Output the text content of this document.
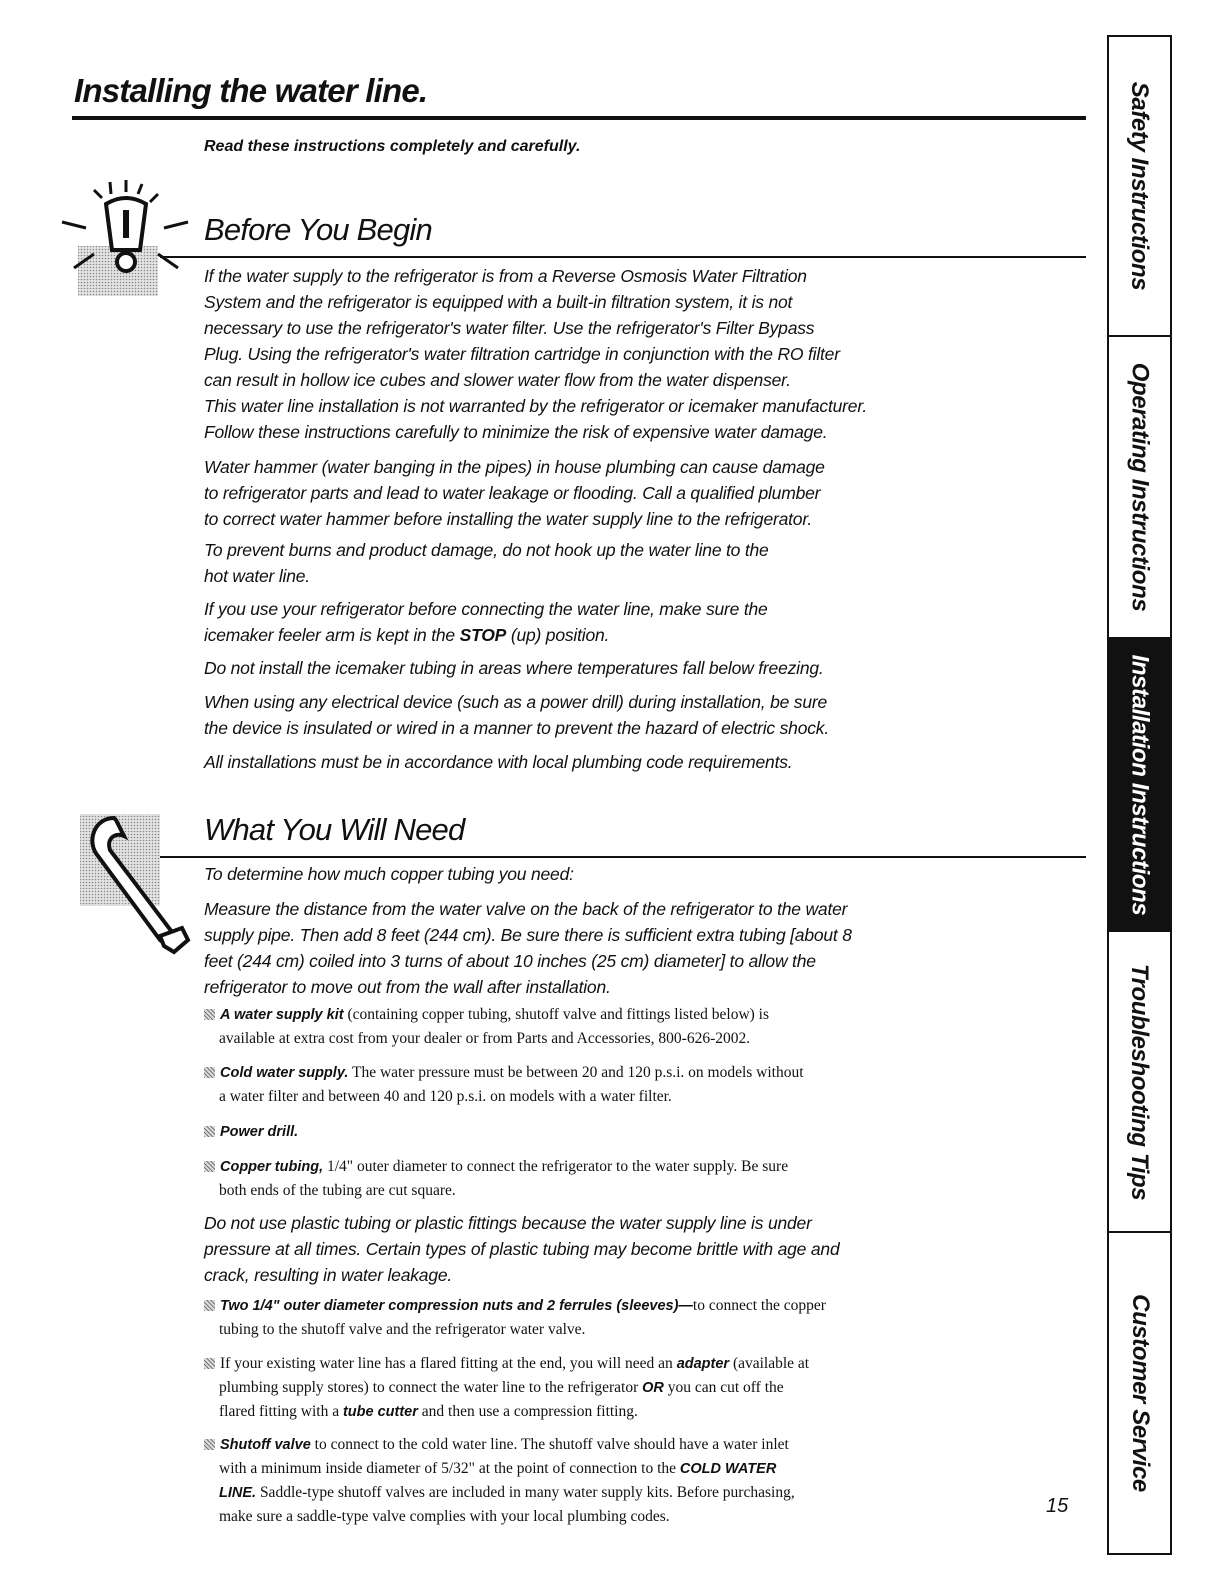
Installing the water line.

Read these instructions completely and carefully.

Before You Begin

If the water supply to the refrigerator is from a Reverse Osmosis Water Filtration
System and the refrigerator is equipped with a built-in filtration system, it is not
necessary to use the refrigerator's water filter. Use the refrigerator's Filter Bypass
Plug. Using the refrigerator's water filtration cartridge in conjunction with the RO filter
can result in hollow ice cubes and slower water flow from the water dispenser.

This water line installation is not warranted by the refrigerator or icemaker manufacturer.
Follow these instructions carefully to minimize the risk of expensive water damage.

Water hammer (water banging in the pipes) in house plumbing can cause damage
to refrigerator parts and lead to water leakage or flooding. Call a qualified plumber
to correct water hammer before installing the water supply line to the refrigerator.

To prevent burns and product damage, do not hook up the water line to the
hot water line.

If you use your refrigerator before connecting the water line, make sure the
icemaker feeler arm is kept in the STOP (up) position.

Do not install the icemaker tubing in areas where temperatures fall below freezing.

When using any electrical device (such as a power drill) during installation, be sure
the device is insulated or wired in a manner to prevent the hazard of electric shock.

All installations must be in accordance with local plumbing code requirements.

What You Will Need

To determine how much copper tubing you need:

Measure the distance from the water valve on the back of the refrigerator to the water
supply pipe. Then add 8 feet (244 cm). Be sure there is sufficient extra tubing [about 8
feet (244 cm) coiled into 3 turns of about 10 inches (25 cm) diameter] to allow the
refrigerator to move out from the wall after installation.

A water supply kit (containing copper tubing, shutoff valve and fittings listed below) is
available at extra cost from your dealer or from Parts and Accessories, 800-626-2002.
Cold water supply. The water pressure must be between 20 and 120 p.s.i. on models without
a water filter and between 40 and 120 p.s.i. on models with a water filter.
Power drill.
Copper tubing, 1/4" outer diameter to connect the refrigerator to the water supply. Be sure
both ends of the tubing are cut square.

Do not use plastic tubing or plastic fittings because the water supply line is under
pressure at all times. Certain types of plastic tubing may become brittle with age and
crack, resulting in water leakage.

Two 1/4" outer diameter compression nuts and 2 ferrules (sleeves)—to connect the copper
tubing to the shutoff valve and the refrigerator water valve.
If your existing water line has a flared fitting at the end, you will need an adapter (available at
plumbing supply stores) to connect the water line to the refrigerator OR you can cut off the
flared fitting with a tube cutter and then use a compression fitting.
Shutoff valve to connect to the cold water line. The shutoff valve should have a water inlet
with a minimum inside diameter of 5/32" at the point of connection to the COLD WATER
LINE. Saddle-type shutoff valves are included in many water supply kits. Before purchasing,
make sure a saddle-type valve complies with your local plumbing codes.	15
Safety Instructions
Operating Instructions
Installation Instructions
Troubleshooting Tips
Customer Service
